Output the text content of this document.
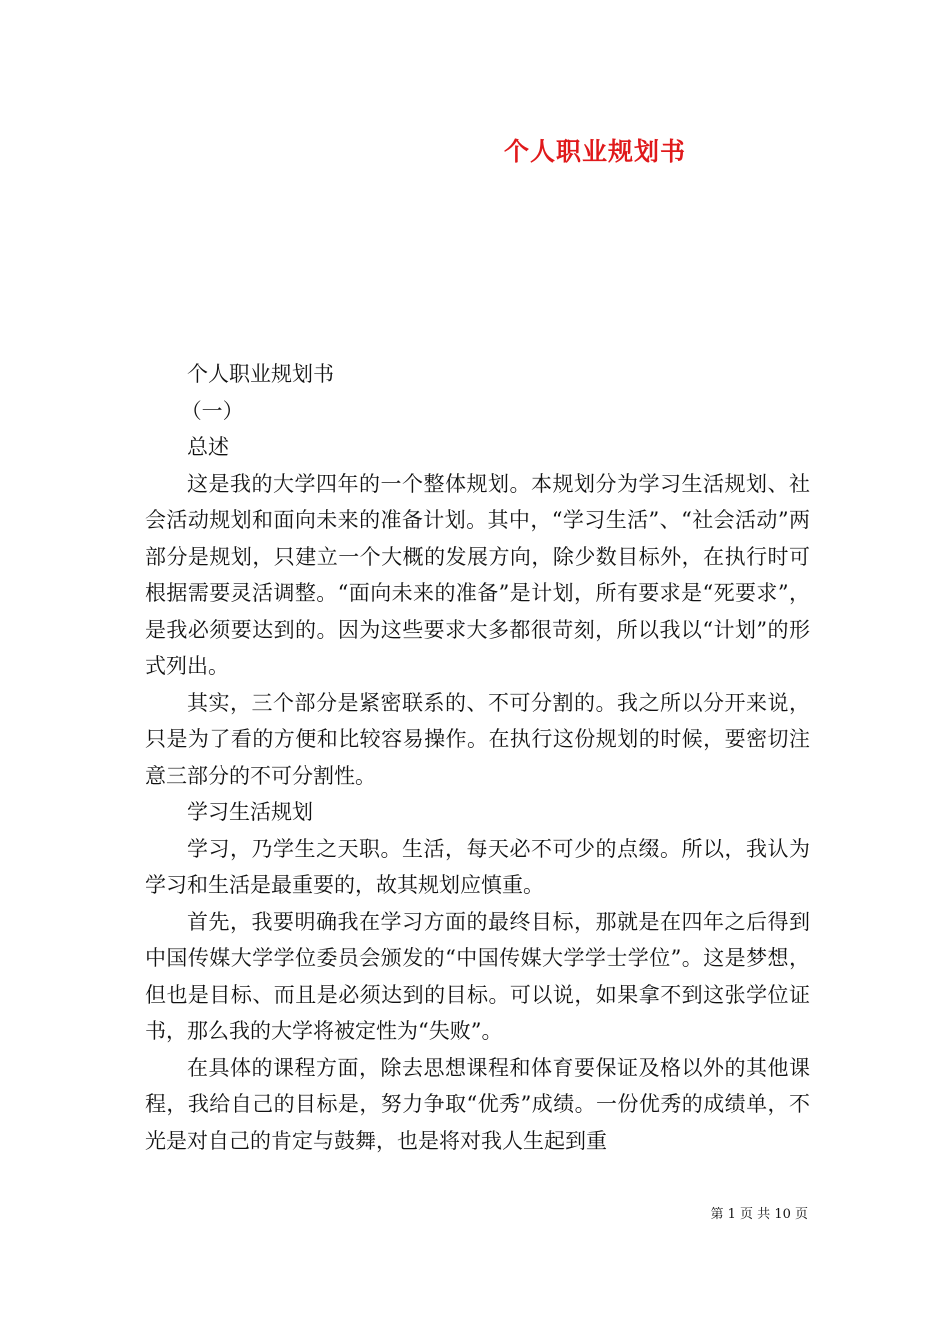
个人职业规划书

个人职业规划书

（一）

总述

这是我的大学四年的一个整体规划。本规划分为学习生活规划、社会活动规划和面向未来的准备计划。其中，“学习生活”、“社会活动”两部分是规划，只建立一个大概的发展方向，除少数目标外，在执行时可根据需要灵活调整。“面向未来的准备”是计划，所有要求是“死要求”，是我必须要达到的。因为这些要求大多都很苛刻，所以我以“计划”的形式列出。

其实，三个部分是紧密联系的、不可分割的。我之所以分开来说，只是为了看的方便和比较容易操作。在执行这份规划的时候，要密切注意三部分的不可分割性。

学习生活规划

学习，乃学生之天职。生活，每天必不可少的点缀。所以，我认为学习和生活是最重要的，故其规划应慎重。

首先，我要明确我在学习方面的最终目标，那就是在四年之后得到中国传媒大学学位委员会颁发的“中国传媒大学学士学位”。这是梦想，但也是目标、而且是必须达到的目标。可以说，如果拿不到这张学位证书，那么我的大学将被定性为“失败”。

在具体的课程方面，除去思想课程和体育要保证及格以外的其他课程，我给自己的目标是，努力争取“优秀”成绩。一份优秀的成绩单，不光是对自己的肯定与鼓舞，也是将对我人生起到重

第 1 页 共 10 页
